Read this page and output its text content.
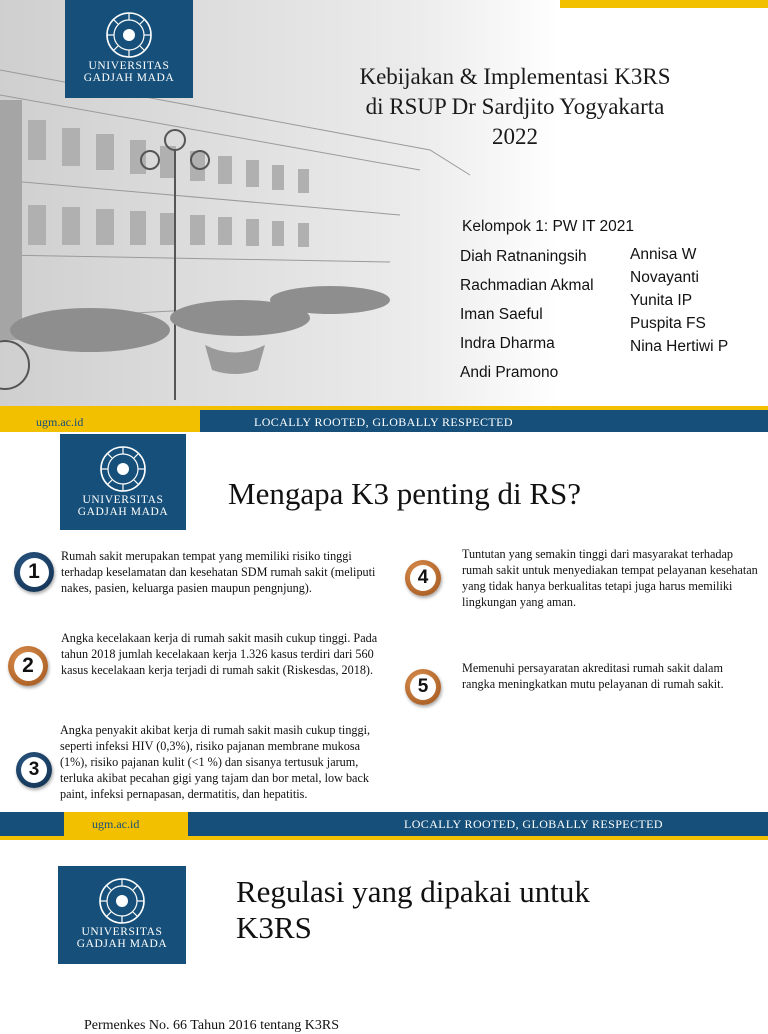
UNIVERSITAS
GADJAH MADA	Kebijakan & Implementasi K3RS
di RSUP Dr Sardjito Yogyakarta
2022
Kelompok 1: PW IT 2021
Diah Ratnaningsih
Rachmadian Akmal
Iman Saeful
Indra Dharma
Andi Pramono
Annisa W
Novayanti
Yunita IP
Puspita FS
Nina Hertiwi P
ugm.ac.id	LOCALLY ROOTED, GLOBALLY RESPECTED
UNIVERSITAS
GADJAH MADA
Mengapa K3 penting di RS?
1
Rumah sakit merupakan tempat yang memiliki risiko tinggi terhadap keselamatan dan kesehatan SDM rumah sakit (meliputi nakes, pasien, keluarga pasien maupun pengnjung).
2
Angka kecelakaan kerja di rumah sakit masih cukup tinggi. Pada tahun 2018 jumlah kecelakaan kerja 1.326 kasus terdiri dari 560 kasus kecelakaan kerja terjadi di rumah sakit (Riskesdas, 2018).
3
Angka penyakit akibat kerja di rumah sakit masih cukup tinggi, seperti infeksi HIV (0,3%), risiko pajanan membrane mukosa (1%), risiko pajanan kulit (<1 %) dan sisanya tertusuk jarum, terluka akibat pecahan gigi yang tajam dan bor metal, low back paint, infeksi pernapasan, dermatitis, dan hepatitis.
4
Tuntutan yang semakin tinggi dari masyarakat terhadap rumah sakit untuk menyediakan tempat pelayanan kesehatan yang tidak hanya berkualitas tetapi juga harus memiliki lingkungan yang aman.
5
Memenuhi persayaratan akreditasi rumah sakit dalam rangka meningkatkan mutu pelayanan di rumah sakit.
ugm.ac.id	LOCALLY ROOTED, GLOBALLY RESPECTED
UNIVERSITAS
GADJAH MADA
Regulasi yang dipakai untuk
K3RS
Permenkes No. 66 Tahun 2016 tentang K3RS
